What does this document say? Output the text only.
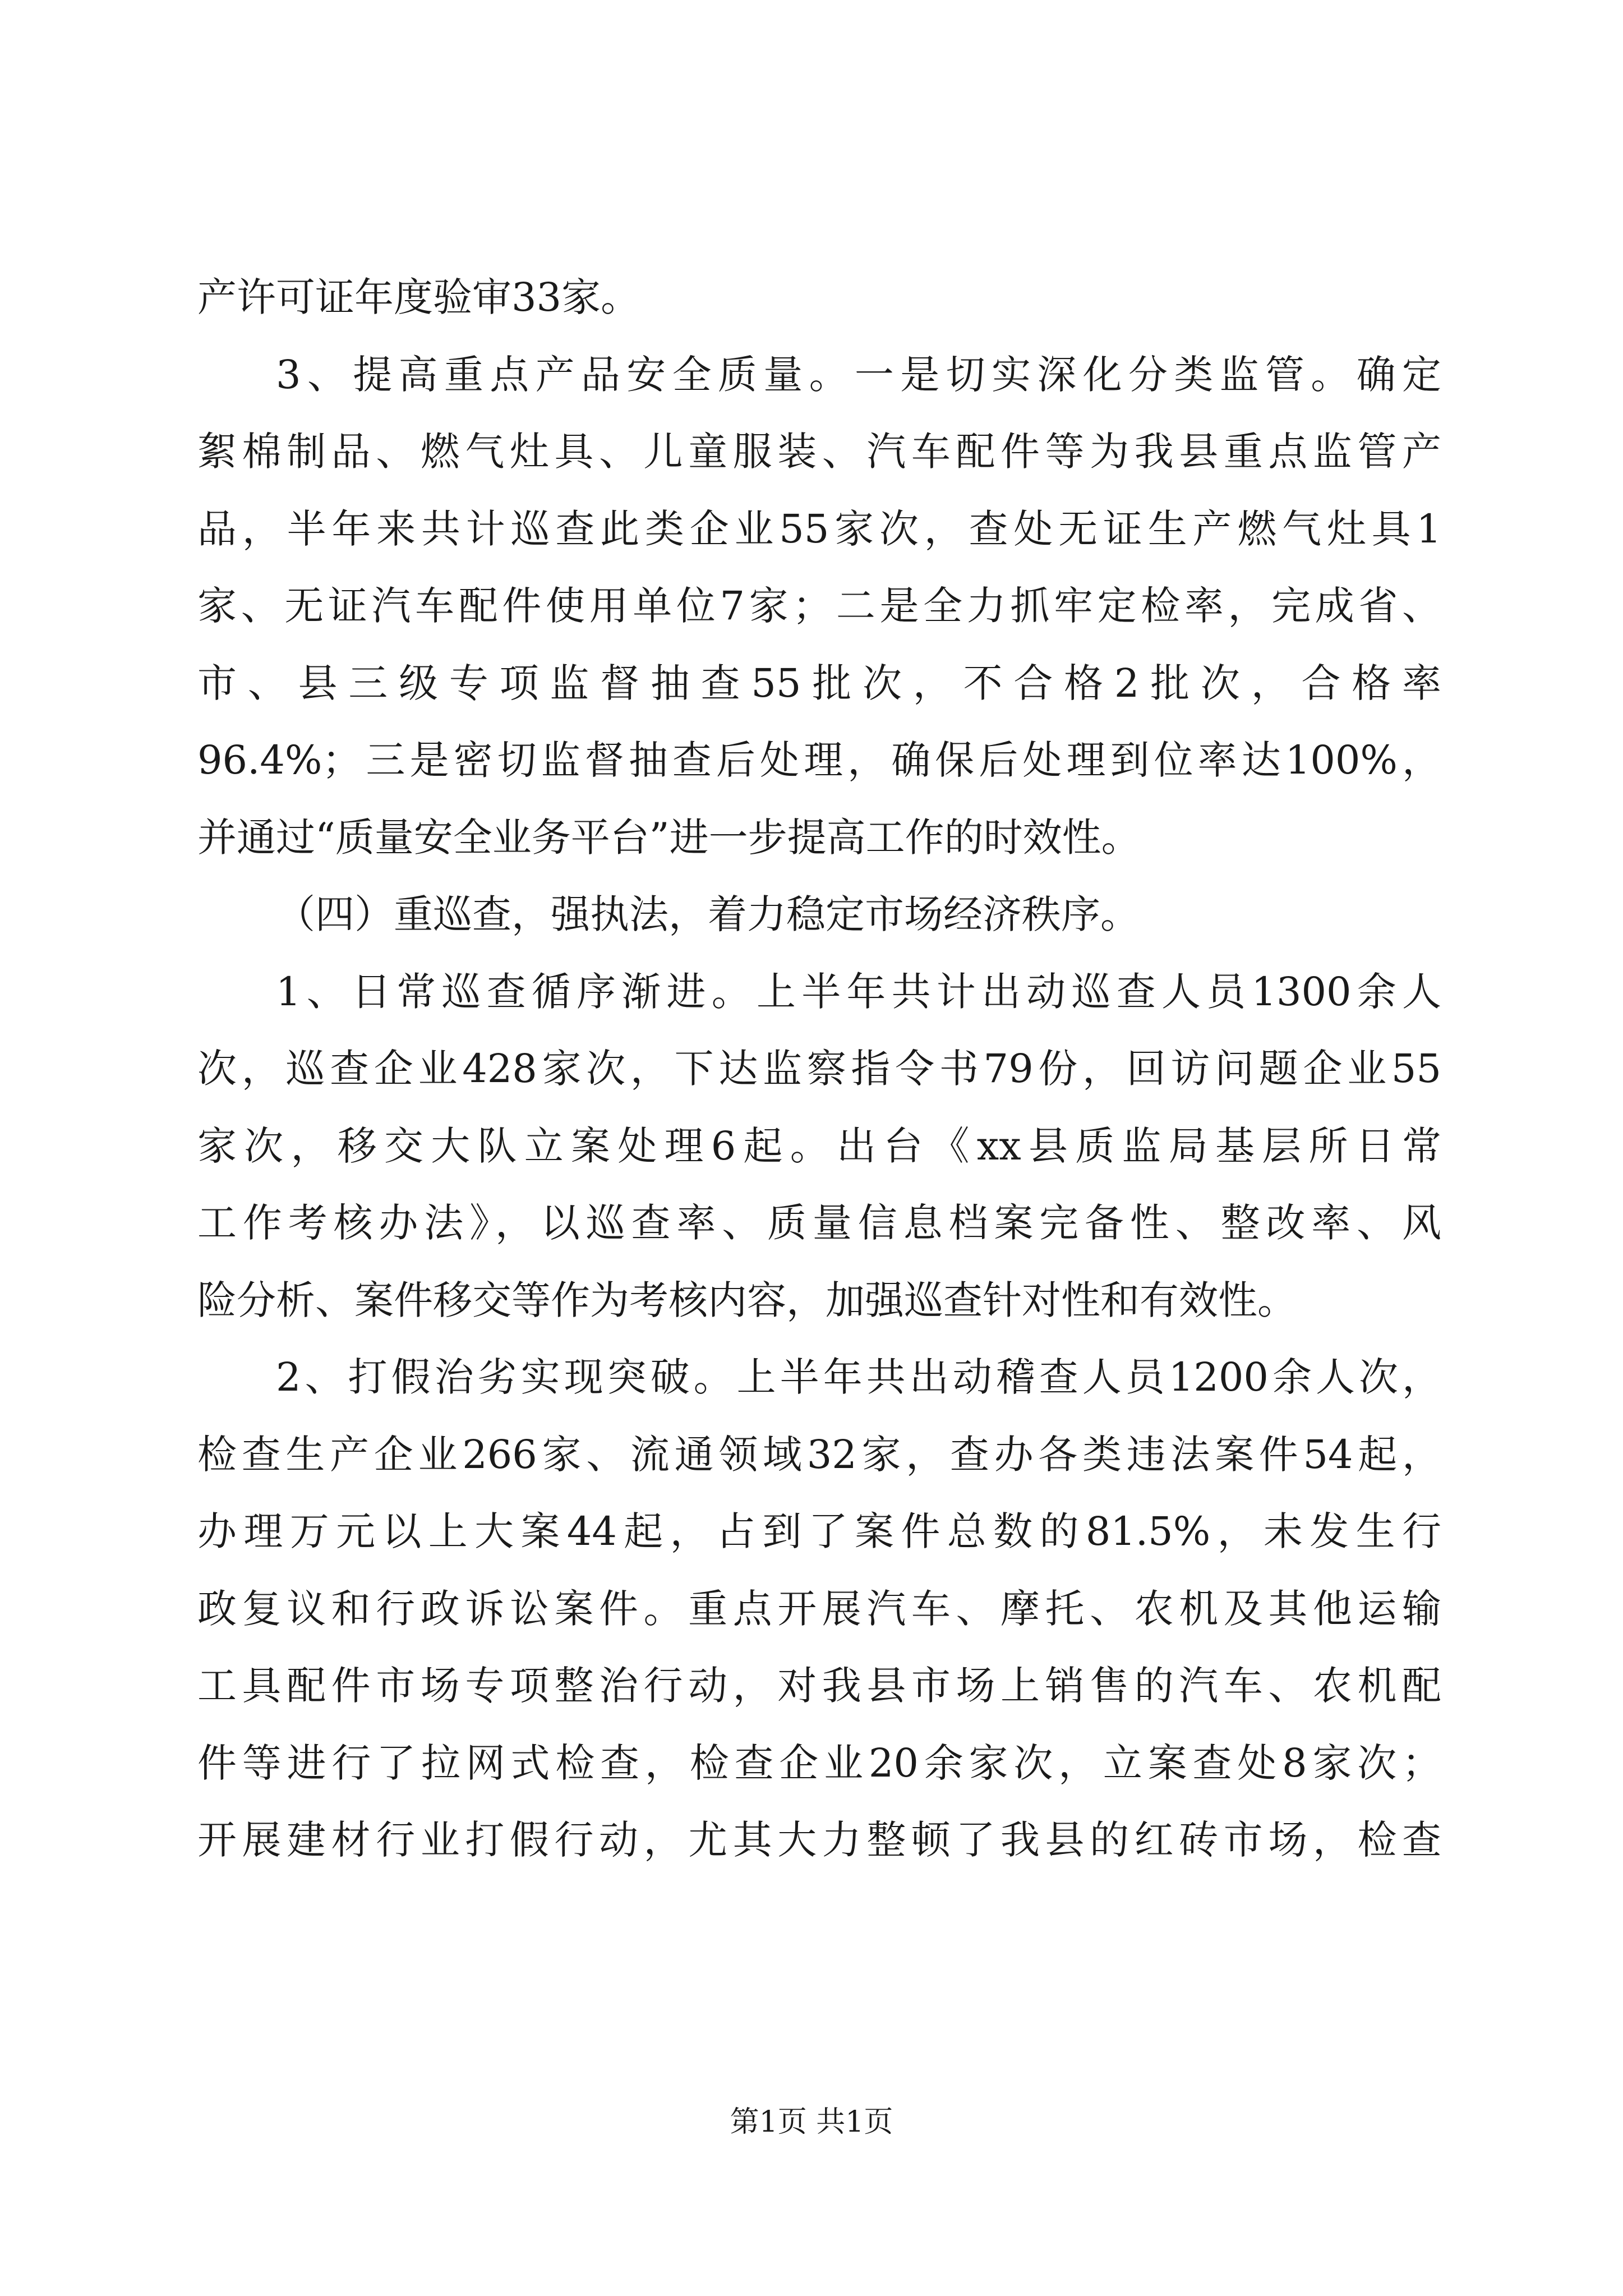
产许可证年度验审33家。
3、提高重点产品安全质量。一是切实深化分类监管。确定
絮棉制品、燃气灶具、儿童服装、汽车配件等为我县重点监管产
品，半年来共计巡查此类企业55家次，查处无证生产燃气灶具1
家、无证汽车配件使用单位7家；二是全力抓牢定检率，完成省、
市、县三级专项监督抽查55批次，不合格2批次，合格率
96.4%；三是密切监督抽查后处理，确保后处理到位率达100%，
并通过“质量安全业务平台”进一步提高工作的时效性。
（四）重巡查，强执法，着力稳定市场经济秩序。
1、日常巡查循序渐进。上半年共计出动巡查人员1300余人
次，巡查企业428家次，下达监察指令书79份，回访问题企业55
家次，移交大队立案处理6起。出台《xx县质监局基层所日常
工作考核办法》，以巡查率、质量信息档案完备性、整改率、风
险分析、案件移交等作为考核内容，加强巡查针对性和有效性。
2、打假治劣实现突破。上半年共出动稽查人员1200余人次，
检查生产企业266家、流通领域32家，查办各类违法案件54起，
办理万元以上大案44起，占到了案件总数的81.5%，未发生行
政复议和行政诉讼案件。重点开展汽车、摩托、农机及其他运输
工具配件市场专项整治行动，对我县市场上销售的汽车、农机配
件等进行了拉网式检查，检查企业20余家次，立案查处8家次；
开展建材行业打假行动，尤其大力整顿了我县的红砖市场，检查
第1页 共1页
